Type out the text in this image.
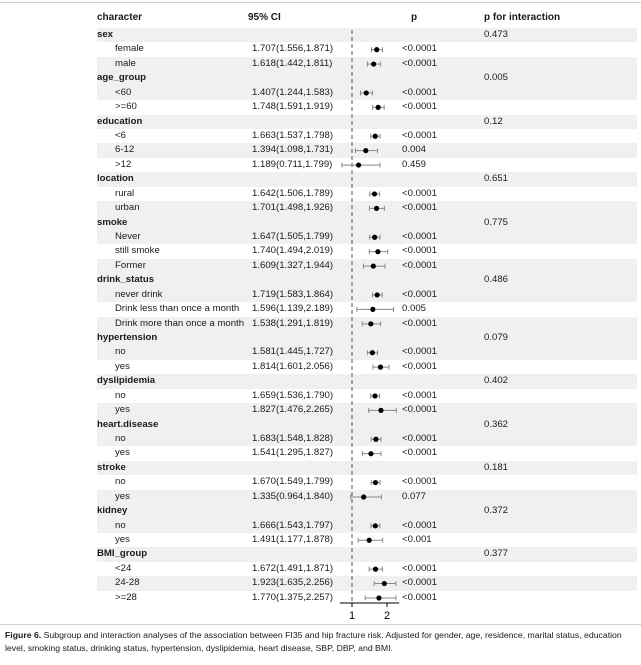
character	95% CI	p	p for interaction
sex	0.473
female	1.707(1.556,1.871)	<0.0001
male	1.618(1.442,1.811)	<0.0001
age_group	0.005
<60	1.407(1.244,1.583)	<0.0001
>=60	1.748(1.591,1.919)	<0.0001
education	0.12
<6	1.663(1.537,1.798)	<0.0001
6-12	1.394(1.098,1.731)	0.004
>12	1.189(0.711,1.799)	0.459
location	0.651
rural	1.642(1.506,1.789)	<0.0001
urban	1.701(1.498,1.926)	<0.0001
smoke	0.775
Never	1.647(1.505,1.799)	<0.0001
still smoke	1.740(1.494,2.019)	<0.0001
Former	1.609(1.327,1.944)	<0.0001
drink_status	0.486
never drink	1.719(1.583,1.864)	<0.0001
Drink less than once a month 1.596(1.139,2.189)	0.005
Drink more than once a month 1.538(1.291,1.819)	<0.0001
hypertension	0.079
no	1.581(1.445,1.727)	<0.0001
yes	1.814(1.601,2.056)	<0.0001
dyslipidemia	0.402
no	1.659(1.536,1.790)	<0.0001
yes	1.827(1.476,2.265)	<0.0001
heart.disease	0.362
no	1.683(1.548,1.828)	<0.0001
yes	1.541(1.295,1.827)	<0.0001
stroke	0.181
no	1.670(1.549,1.799)	<0.0001
yes	1.335(0.964,1.840)	0.077
kidney	0.372
no	1.666(1.543,1.797)	<0.0001
yes	1.491(1.177,1.878)	<0.001
BMI_group	0.377
<24	1.672(1.491,1.871)	<0.0001
24-28	1.923(1.635,2.256)	<0.0001
>=28	1.770(1.375,2.257)	<0.0001
1	2
Figure 6. Subgroup and interaction analyses of the association between FI35 and hip fracture risk. Adjusted for gender, age, residence, marital status, education level, smoking status, drinking status, hypertension, dyslipidemia, heart disease, SBP, DBP, and BMI.
